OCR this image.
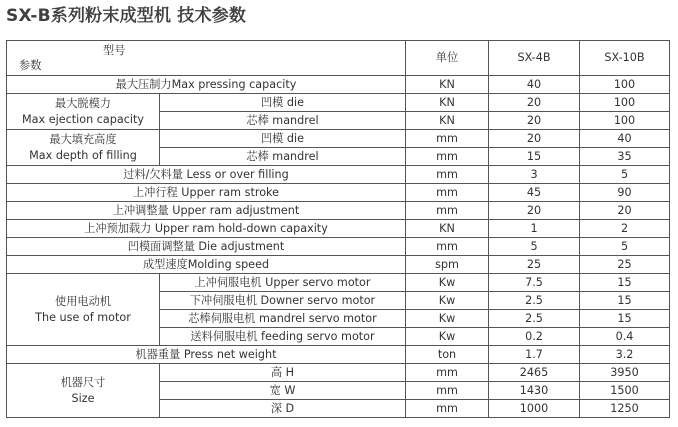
SX-B系列粉末成型机 技术参数
型号
参数		单位	SX-4B	SX-10B
最大压制力Max pressing capacity		KN	40	100

最大脱模力
Max ejection capacity	凹模 die	KN	20	100
	芯棒 mandrel	KN	20	100

最大填充高度
Max depth of filling	凹模 die	mm	20	40
	芯棒 mandrel	mm	15	35
过料/欠料量 Less or over filling		mm	3	5
上冲行程 Upper ram stroke		mm	45	90
上冲调整量 Upper ram adjustment		mm	20	20
上冲预加载力 Upper ram hold-down capaxity		KN	1	2
凹模面调整量 Die adjustment		mm	5	5
成型速度Molding speed		spm	25	25

使用电动机
The use of motor	上冲伺服电机 Upper servo motor	Kw	7.5	15
	下冲伺服电机 Downer servo motor	Kw	2.5	15
	芯棒伺服电机 mandrel servo motor	Kw	2.5	15
	送料伺服电机 feeding servo motor	Kw	0.2	0.4
机器重量 Press net weight		ton	1.7	3.2

机器尺寸
Size	高 H	mm	2465	3950
	宽 W	mm	1430	1500
	深 D	mm	1000	1250
